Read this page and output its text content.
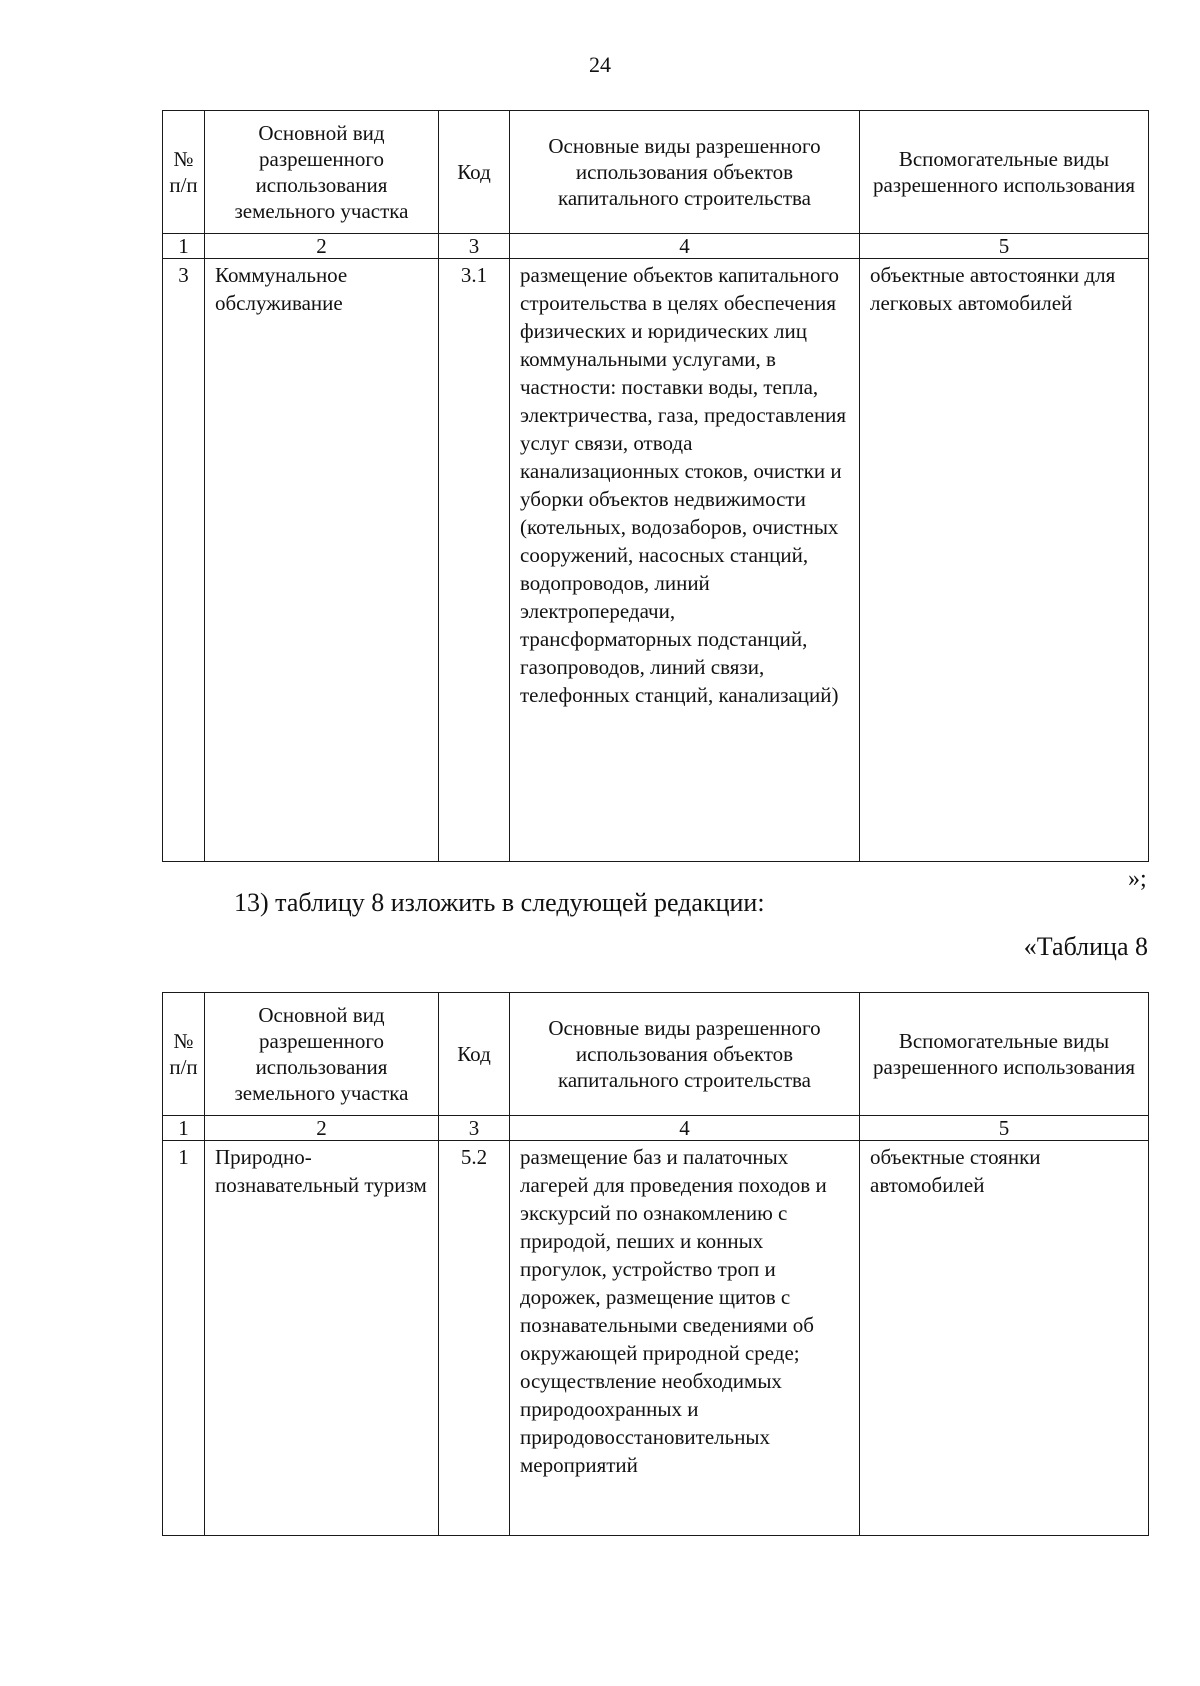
24
№ п/п	Основной вид разрешенного использования земельного участка	Код	Основные виды разрешенного использования объектов капитального строительства	Вспомогательные виды разрешенного использования
1	2	3	4	5
3	Коммунальное обслуживание	3.1	размещение объектов капитального строительства в целях обеспечения физических и юридических лиц коммунальными услугами, в частности: поставки воды, тепла, электричества, газа, предоставления услуг связи, отвода канализационных стоков, очистки и уборки объектов недвижимости (котельных, водозаборов, очистных сооружений, насосных станций, водопроводов, линий электропередачи, трансформаторных подстанций, газопроводов, линий связи, телефонных станций, канализаций)	объектные автостоянки для легковых автомобилей
»;
13) таблицу 8 изложить в следующей редакции:
«Таблица 8
№ п/п	Основной вид разрешенного использования земельного участка	Код	Основные виды разрешенного использования объектов капитального строительства	Вспомогательные виды разрешенного использования
1	2	3	4	5
1	Природно-познавательный туризм	5.2	размещение баз и палаточных лагерей для проведения походов и экскурсий по ознакомлению с природой, пеших и конных прогулок, устройство троп и дорожек, размещение щитов с познавательными сведениями об окружающей природной среде; осуществление необходимых природоохранных и природовосстановительных мероприятий	объектные стоянки автомобилей
